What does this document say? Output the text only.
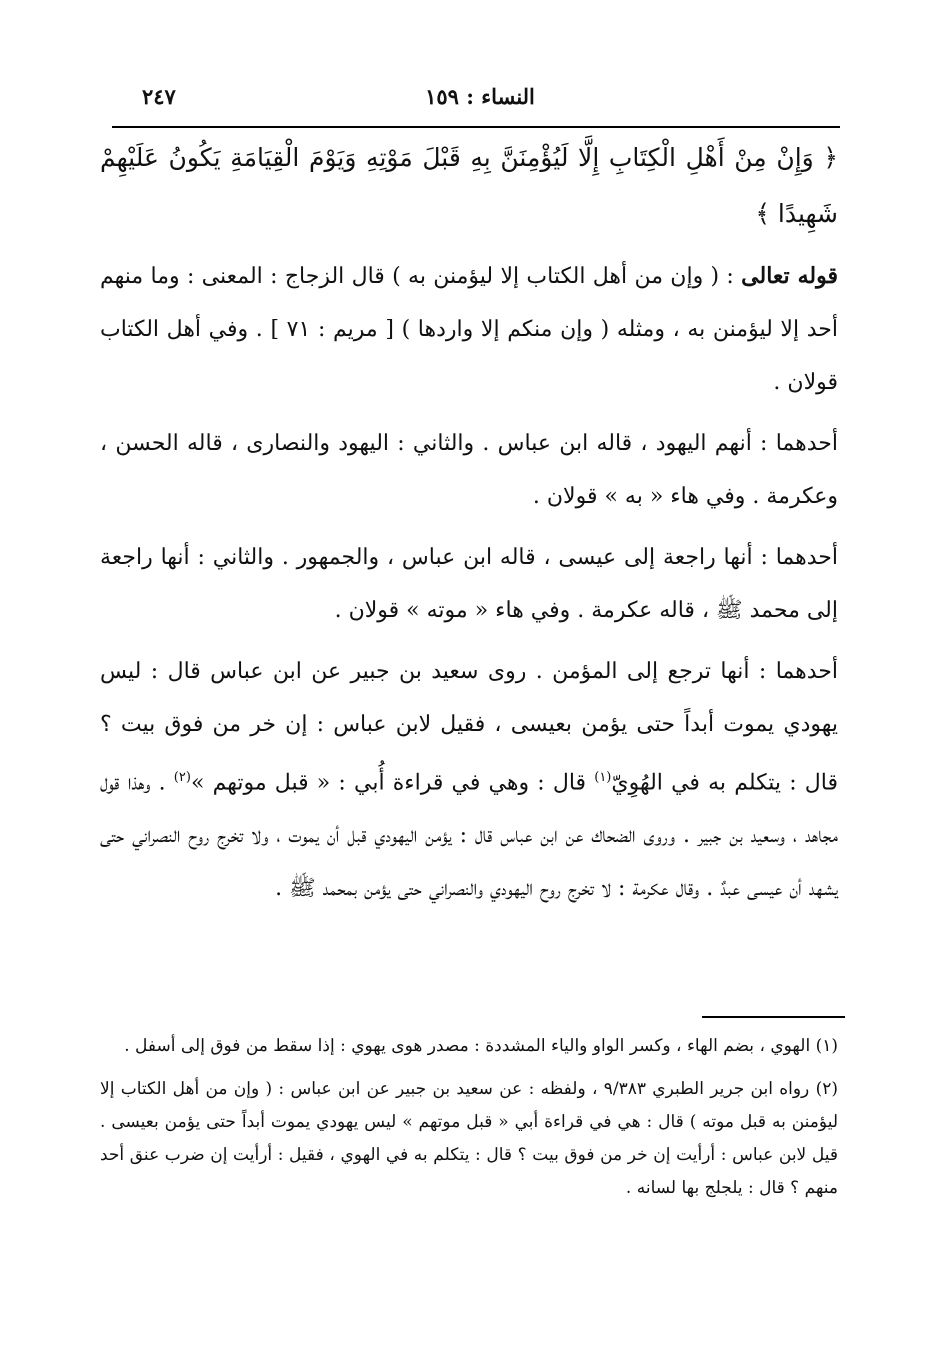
٢٤٧	النساء : ١٥٩

﴿ وَإِنْ مِنْ أَهْلِ الْكِتَابِ إِلَّا لَيُؤْمِنَنَّ بِهِ قَبْلَ مَوْتِهِ وَيَوْمَ الْقِيَامَةِ يَكُونُ عَلَيْهِمْ شَهِيدًا ﴾

قوله تعالى : ( وإن من أهل الكتاب إلا ليؤمنن به ) قال الزجاج : المعنى : وما منهم أحد إلا ليؤمنن به ، ومثله ( وإن منكم إلا واردها ) [ مريم : ٧١ ] . وفي أهل الكتاب قولان .

أحدهما : أنهم اليهود ، قاله ابن عباس . والثاني : اليهود والنصارى ، قاله الحسن ، وعكرمة . وفي هاء « به » قولان .

أحدهما : أنها راجعة إلى عيسى ، قاله ابن عباس ، والجمهور . والثاني : أنها راجعة إلى محمد ﷺ ، قاله عكرمة . وفي هاء « موته » قولان .

أحدهما : أنها ترجع إلى المؤمن . روى سعيد بن جبير عن ابن عباس قال : ليس يهودي يموت أبداً حتى يؤمن بعيسى ، فقيل لابن عباس : إن خر من فوق بيت ؟ قال : يتكلم به في الهُوِيّ$^{(١)}$ قال : وهي في قراءة أُبي : « قبل موتهم »$^{(٢)}$ . وهذا قول مجاهد ، وسعيد بن جبير . وروى الضحاك عن ابن عباس قال : يؤمن اليهودي قبل أن يموت ، ولا تخرج روح النصراني حتى يشهد أن عيسى عبدٌ . وقال عكرمة : لا تخرج روح اليهودي والنصراني حتى يؤمن بمحمد ﷺ .

(١) الهوي ، بضم الهاء ، وكسر الواو والياء المشددة : مصدر هوى يهوي : إذا سقط من فوق إلى أسفل .

(٢) رواه ابن جرير الطبري ٩/٣٨٣ ، ولفظه : عن سعيد بن جبير عن ابن عباس : ( وإن من أهل الكتاب إلا ليؤمنن به قبل موته ) قال : هي في قراءة أبي « قبل موتهم » ليس يهودي يموت أبداً حتى يؤمن بعيسى . قيل لابن عباس : أرأيت إن خر من فوق بيت ؟ قال : يتكلم به في الهوي ، فقيل : أرأيت إن ضرب عنق أحد منهم ؟ قال : يلجلج بها لسانه .
